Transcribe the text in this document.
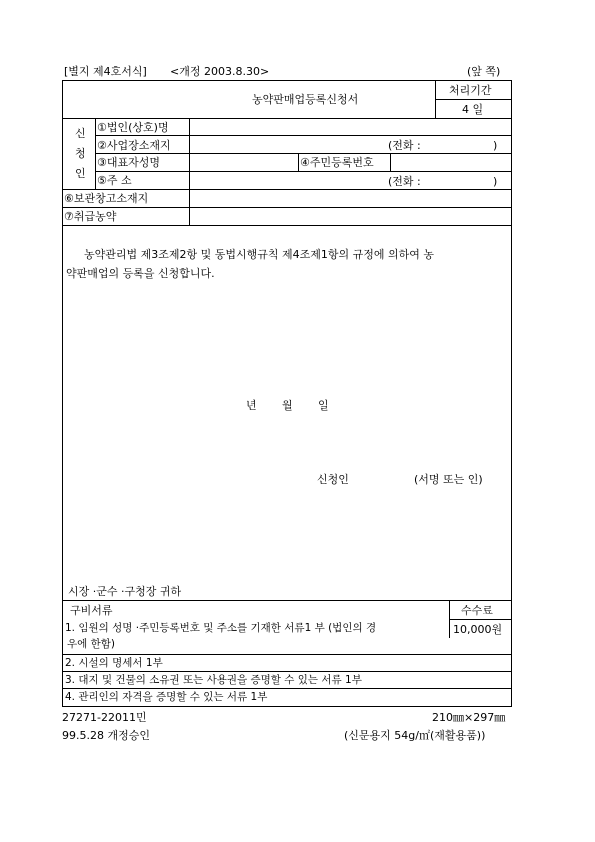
[별지 제4호서식] <개정 2003.8.30>	(앞 쪽)
농약판매업등록신청서
처리기간
4 일
신
청
인
①법인(상호)명
②사업장소재지	(전화 :	)
③대표자성명	④주민등록번호
⑤주 소	(전화 :	)
⑥보관창고소재지
⑦취급농약
농약관리법 제3조제2항 및 동법시행규칙 제4조제1항의 규정에 의하여 농
약판매업의 등록을 신청합니다.
년 월 일
신청인	(서명 또는 인)
시장 ·군수 ·구청장 귀하
구비서류	수수료
10,000원
1. 임원의 성명 ·주민등록번호 및 주소를 기재한 서류1 부 (법인의 경
우에 한함)
2. 시설의 명세서 1부
3. 대지 및 건물의 소유권 또는 사용권을 증명할 수 있는 서류 1부
4. 관리인의 자격을 증명할 수 있는 서류 1부
27271-22011민	210㎜×297㎜
99.5.28 개정승인	(신문용지 54g/㎡(재활용품))
